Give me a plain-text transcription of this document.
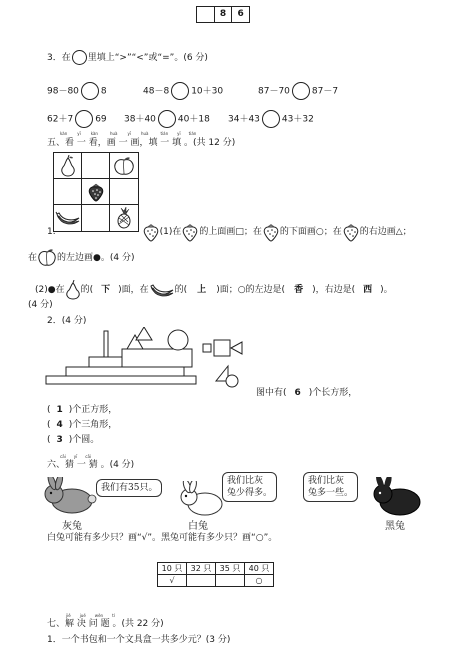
8	6
3．在 里填上“>”“<”或“=”。(6 分)
98－80 8	48－8 10＋30	87－70 87－7
62＋7 69 38＋40 40＋18 34＋43 43＋32
kàn	yī	kàn	huà	yī	huà	tián yī tián
五、看 一 看，画 一 画，填 一 填 。(共 12 分)
1.	(1)在 的上面画□；在 的下面画○；在 的右边画△；
在 的左边画●。(4 分)
(2)●在 的( 下 )面，在	的( 上 )面；○的左边是( 香 )，右边是( 西 )。
(4 分)
2．(4 分)
图中有( 6 )个长方形，
( 1 )个正方形，
( 4 )个三角形，
( 3 )个圆。
cāi yī cāi
六、猜 一 猜 。(4 分)
我们有35只。
我们比灰
兔少得多。
我们比灰
兔多一些。
灰兔	白兔	黑兔
白兔可能有多少只？画“√”。黑兔可能有多少只？画“○”。
10 只	32 只	35 只	40 只
√			○
jiě jué wèn tí
七、解 决 问 题 。(共 22 分)
1．一个书包和一个文具盒一共多少元？(3 分)
